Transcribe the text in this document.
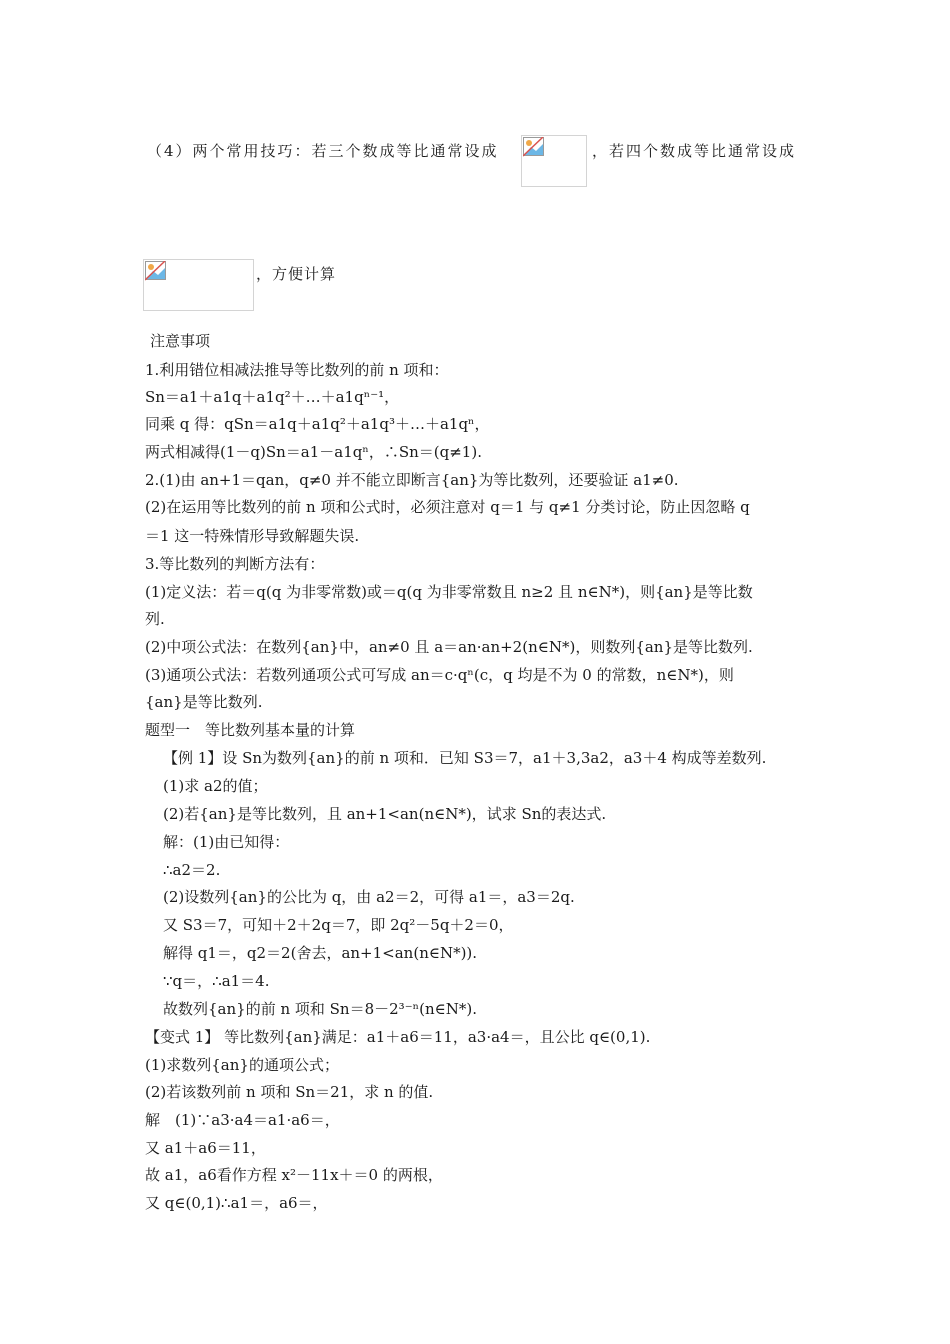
（4）两个常用技巧：若三个数成等比通常设成	，若四个数成等比通常设成
，方便计算
注意事项
1.利用错位相减法推导等比数列的前 n 项和：
Sn＝a1＋a1q＋a1q²＋…＋a1qⁿ⁻¹，
同乘 q 得：qSn＝a1q＋a1q²＋a1q³＋…＋a1qⁿ，
两式相减得(1－q)Sn＝a1－a1qⁿ，∴Sn＝(q≠1).
2.(1)由 an+1＝qan，q≠0 并不能立即断言{an}为等比数列，还要验证 a1≠0.
(2)在运用等比数列的前 n 项和公式时，必须注意对 q＝1 与 q≠1 分类讨论，防止因忽略 q
＝1 这一特殊情形导致解题失误.
3.等比数列的判断方法有：
(1)定义法：若＝q(q 为非零常数)或＝q(q 为非零常数且 n≥2 且 n∈N*)，则{an}是等比数
列.
(2)中项公式法：在数列{an}中，an≠0 且 a＝an·an+2(n∈N*)，则数列{an}是等比数列.
(3)通项公式法：若数列通项公式可写成 an＝c·qⁿ(c，q 均是不为 0 的常数，n∈N*)，则
{an}是等比数列.
题型一　等比数列基本量的计算
【例 1】设 Sn为数列{an}的前 n 项和．已知 S3＝7，a1＋3,3a2，a3＋4 构成等差数列.
(1)求 a2的值；
(2)若{an}是等比数列，且 an+1<an(n∈N*)，试求 Sn的表达式.
解：(1)由已知得：
∴a2＝2.
(2)设数列{an}的公比为 q，由 a2＝2，可得 a1＝，a3＝2q.
又 S3＝7，可知＋2＋2q＝7，即 2q²－5q＋2＝0，
解得 q1＝，q2＝2(舍去，an+1<an(n∈N*)).
∵q＝，∴a1＝4.
故数列{an}的前 n 项和 Sn＝8－2³⁻ⁿ(n∈N*).
【变式 1】 等比数列{an}满足：a1＋a6＝11，a3·a4＝，且公比 q∈(0,1).
(1)求数列{an}的通项公式；
(2)若该数列前 n 项和 Sn＝21，求 n 的值.
解　(1)∵a3·a4＝a1·a6＝，
又 a1＋a6＝11，
故 a1，a6看作方程 x²－11x＋＝0 的两根，
又 q∈(0,1)∴a1＝，a6＝，
